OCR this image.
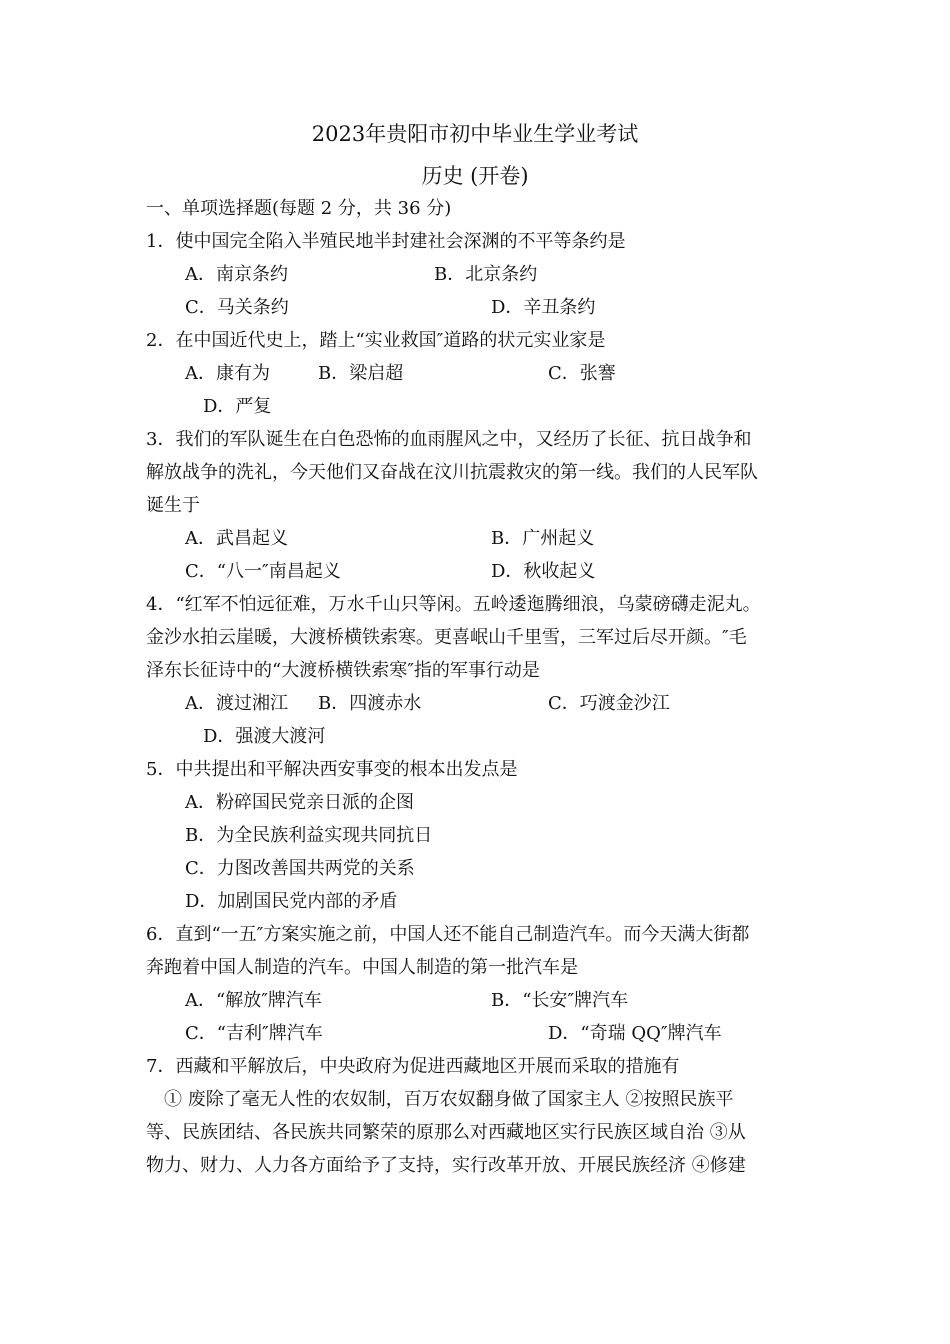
2023年贵阳市初中毕业生学业考试
历史 (开卷)
一、单项选择题(每题 2 分，共 36 分)
1．使中国完全陷入半殖民地半封建社会深渊的不平等条约是
A．南京条约	B．北京条约
C．马关条约	D．辛丑条约
2．在中国近代史上，踏上“实业救国″道路的状元实业家是
A．康有为	B．梁启超	C．张謇
D．严复
3．我们的军队诞生在白色恐怖的血雨腥风之中，又经历了长征、抗日战争和
解放战争的洗礼，今天他们又奋战在汶川抗震救灾的第一线。我们的人民军队
诞生于
A．武昌起义	B．广州起义
C．“八一″南昌起义	D．秋收起义
4．“红军不怕远征难，万水千山只等闲。五岭逶迤腾细浪，乌蒙磅礴走泥丸。
金沙水拍云崖暖，大渡桥横铁索寒。更喜岷山千里雪，三军过后尽开颜。″毛
泽东长征诗中的“大渡桥横铁索寒″指的军事行动是
A．渡过湘江 B．四渡赤水	C．巧渡金沙江
D．强渡大渡河
5．中共提出和平解决西安事变的根本出发点是
A．粉碎国民党亲日派的企图
B．为全民族利益实现共同抗日
C．力图改善国共两党的关系
D．加剧国民党内部的矛盾
6．直到“一五″方案实施之前，中国人还不能自己制造汽车。而今天满大街都
奔跑着中国人制造的汽车。中国人制造的第一批汽车是
A．“解放″牌汽车	B．“长安″牌汽车
C．“吉利″牌汽车	D．“奇瑞 QQ″牌汽车
7．西藏和平解放后，中央政府为促进西藏地区开展而采取的措施有
　① 废除了毫无人性的农奴制，百万农奴翻身做了国家主人 ②按照民族平
等、民族团结、各民族共同繁荣的原那么对西藏地区实行民族区域自治 ③从
物力、财力、人力各方面给予了支持，实行改革开放、开展民族经济 ④修建
